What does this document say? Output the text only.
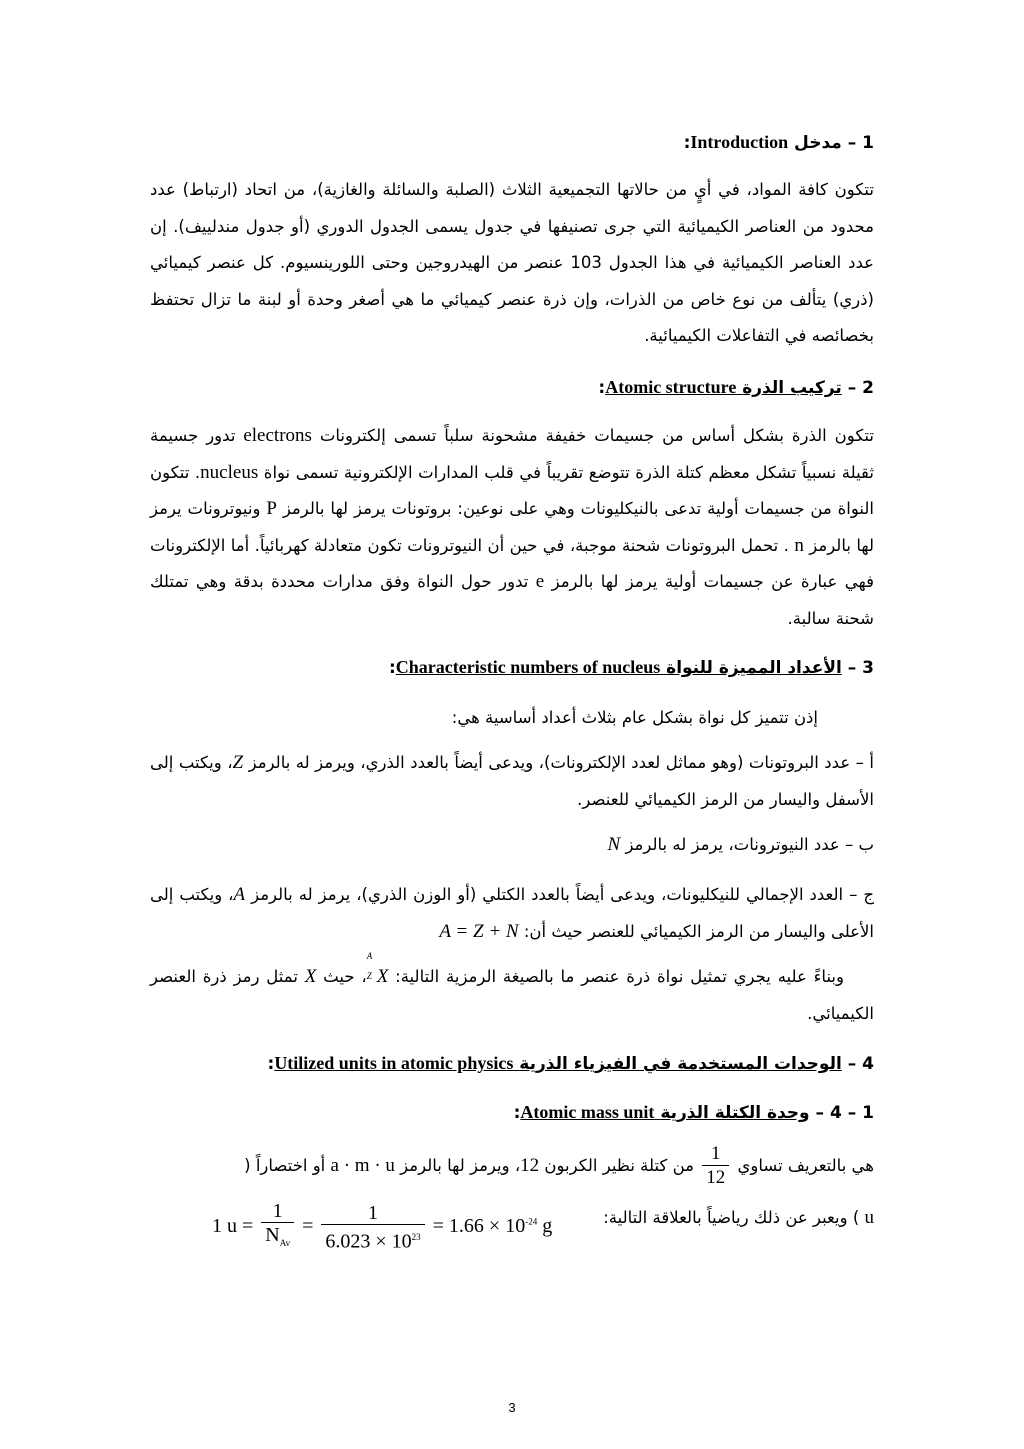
1 – مدخل Introduction:
تتكون كافة المواد، في أيٍ من حالاتها التجميعية الثلاث (الصلبة والسائلة والغازية)، من اتحاد (ارتباط) عدد محدود من العناصر الكيميائية التي جرى تصنيفها في جدول يسمى الجدول الدوري (أو جدول مندلييف). إن عدد العناصر الكيميائية في هذا الجدول 103 عنصر من الهيدروجين وحتى اللورينسيوم. كل عنصر كيميائي (ذري) يتألف من نوع خاص من الذرات، وإن ذرة عنصر كيميائي ما هي أصغر وحدة أو لبنة ما تزال تحتفظ بخصائصه في التفاعلات الكيميائية.
2 – تركيب الذرة Atomic structure:
تتكون الذرة بشكل أساس من جسيمات خفيفة مشحونة سلباً تسمى إلكترونات electrons تدور جسيمة ثقيلة نسبياً تشكل معظم كتلة الذرة تتوضع تقريباً في قلب المدارات الإلكترونية تسمى نواة nucleus. تتكون النواة من جسيمات أولية تدعى بالنيكليونات وهي على نوعين: بروتونات يرمز لها بالرمز P ونيوترونات يرمز لها بالرمز n . تحمل البروتونات شحنة موجبة، في حين أن النيوترونات تكون متعادلة كهربائياً. أما الإلكترونات فهي عبارة عن جسيمات أولية يرمز لها بالرمز e تدور حول النواة وفق مدارات محددة بدقة وهي تمتلك شحنة سالبة.
3 – الأعداد المميزة للنواة Characteristic numbers of nucleus:
إذن تتميز كل نواة بشكل عام بثلاث أعداد أساسية هي:
أ – عدد البروتونات (وهو مماثل لعدد الإلكترونات)، ويدعى أيضاً بالعدد الذري، ويرمز له بالرمز Z، ويكتب إلى الأسفل واليسار من الرمز الكيميائي للعنصر.
ب – عدد النيوترونات، يرمز له بالرمز N
ج – العدد الإجمالي للنيكليونات، ويدعى أيضاً بالعدد الكتلي (أو الوزن الذري)، يرمز له بالرمز A، ويكتب إلى الأعلى واليسار من الرمز الكيميائي للعنصر حيث أن: A = Z + N
وبناءً عليه يجري تمثيل نواة ذرة عنصر ما بالصيغة الرمزية التالية:
A
Z X، حيث X تمثل رمز ذرة العنصر الكيميائي.
4 – الوحدات المستخدمة في الفيزياء الذرية Utilized units in atomic physics:
1 – 4 – وحدة الكتلة الذرية Atomic mass unit:
هي بالتعريف تساوي
$\frac{1}{12}$
من كتلة نظير الكربون 12، ويرمز لها بالرمز a · m · u أو اختصاراً (
u ) ويعبر عن ذلك رياضياً بالعلاقة التالية:
1 $u = \frac{1}{N_{Av}} = \frac{1}{6.023 \times 10^{23}} = 1.66 \times 10^{-24}$ g
3
